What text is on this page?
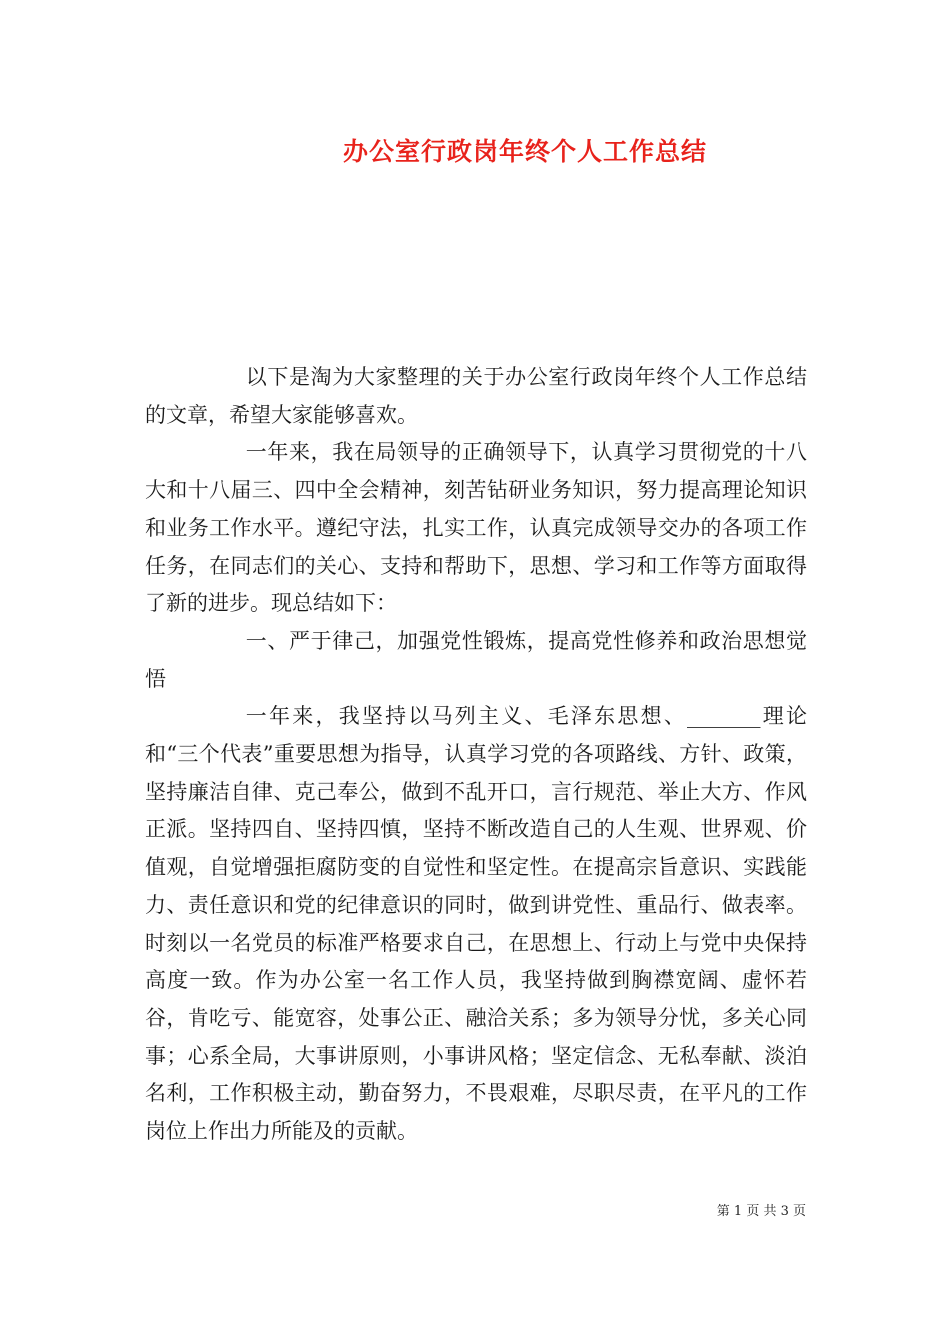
办公室行政岗年终个人工作总结

以下是淘为大家整理的关于办公室行政岗年终个人工作总结的文章，希望大家能够喜欢。

一年来，我在局领导的正确领导下，认真学习贯彻党的十八大和十八届三、四中全会精神，刻苦钻研业务知识，努力提高理论知识和业务工作水平。遵纪守法，扎实工作，认真完成领导交办的各项工作任务，在同志们的关心、支持和帮助下，思想、学习和工作等方面取得了新的进步。现总结如下：

一、严于律己，加强党性锻炼，提高党性修养和政治思想觉悟

一年来，我坚持以马列主义、毛泽东思想、_______理论和“三个代表”重要思想为指导，认真学习党的各项路线、方针、政策，坚持廉洁自律、克己奉公，做到不乱开口，言行规范、举止大方、作风正派。坚持四自、坚持四慎，坚持不断改造自己的人生观、世界观、价值观，自觉增强拒腐防变的自觉性和坚定性。在提高宗旨意识、实践能力、责任意识和党的纪律意识的同时，做到讲党性、重品行、做表率。时刻以一名党员的标准严格要求自己，在思想上、行动上与党中央保持高度一致。作为办公室一名工作人员，我坚持做到胸襟宽阔、虚怀若谷，肯吃亏、能宽容，处事公正、融洽关系；多为领导分忧，多关心同事；心系全局，大事讲原则，小事讲风格；坚定信念、无私奉献、淡泊名利，工作积极主动，勤奋努力，不畏艰难，尽职尽责，在平凡的工作岗位上作出力所能及的贡献。

第 1 页 共 3 页
